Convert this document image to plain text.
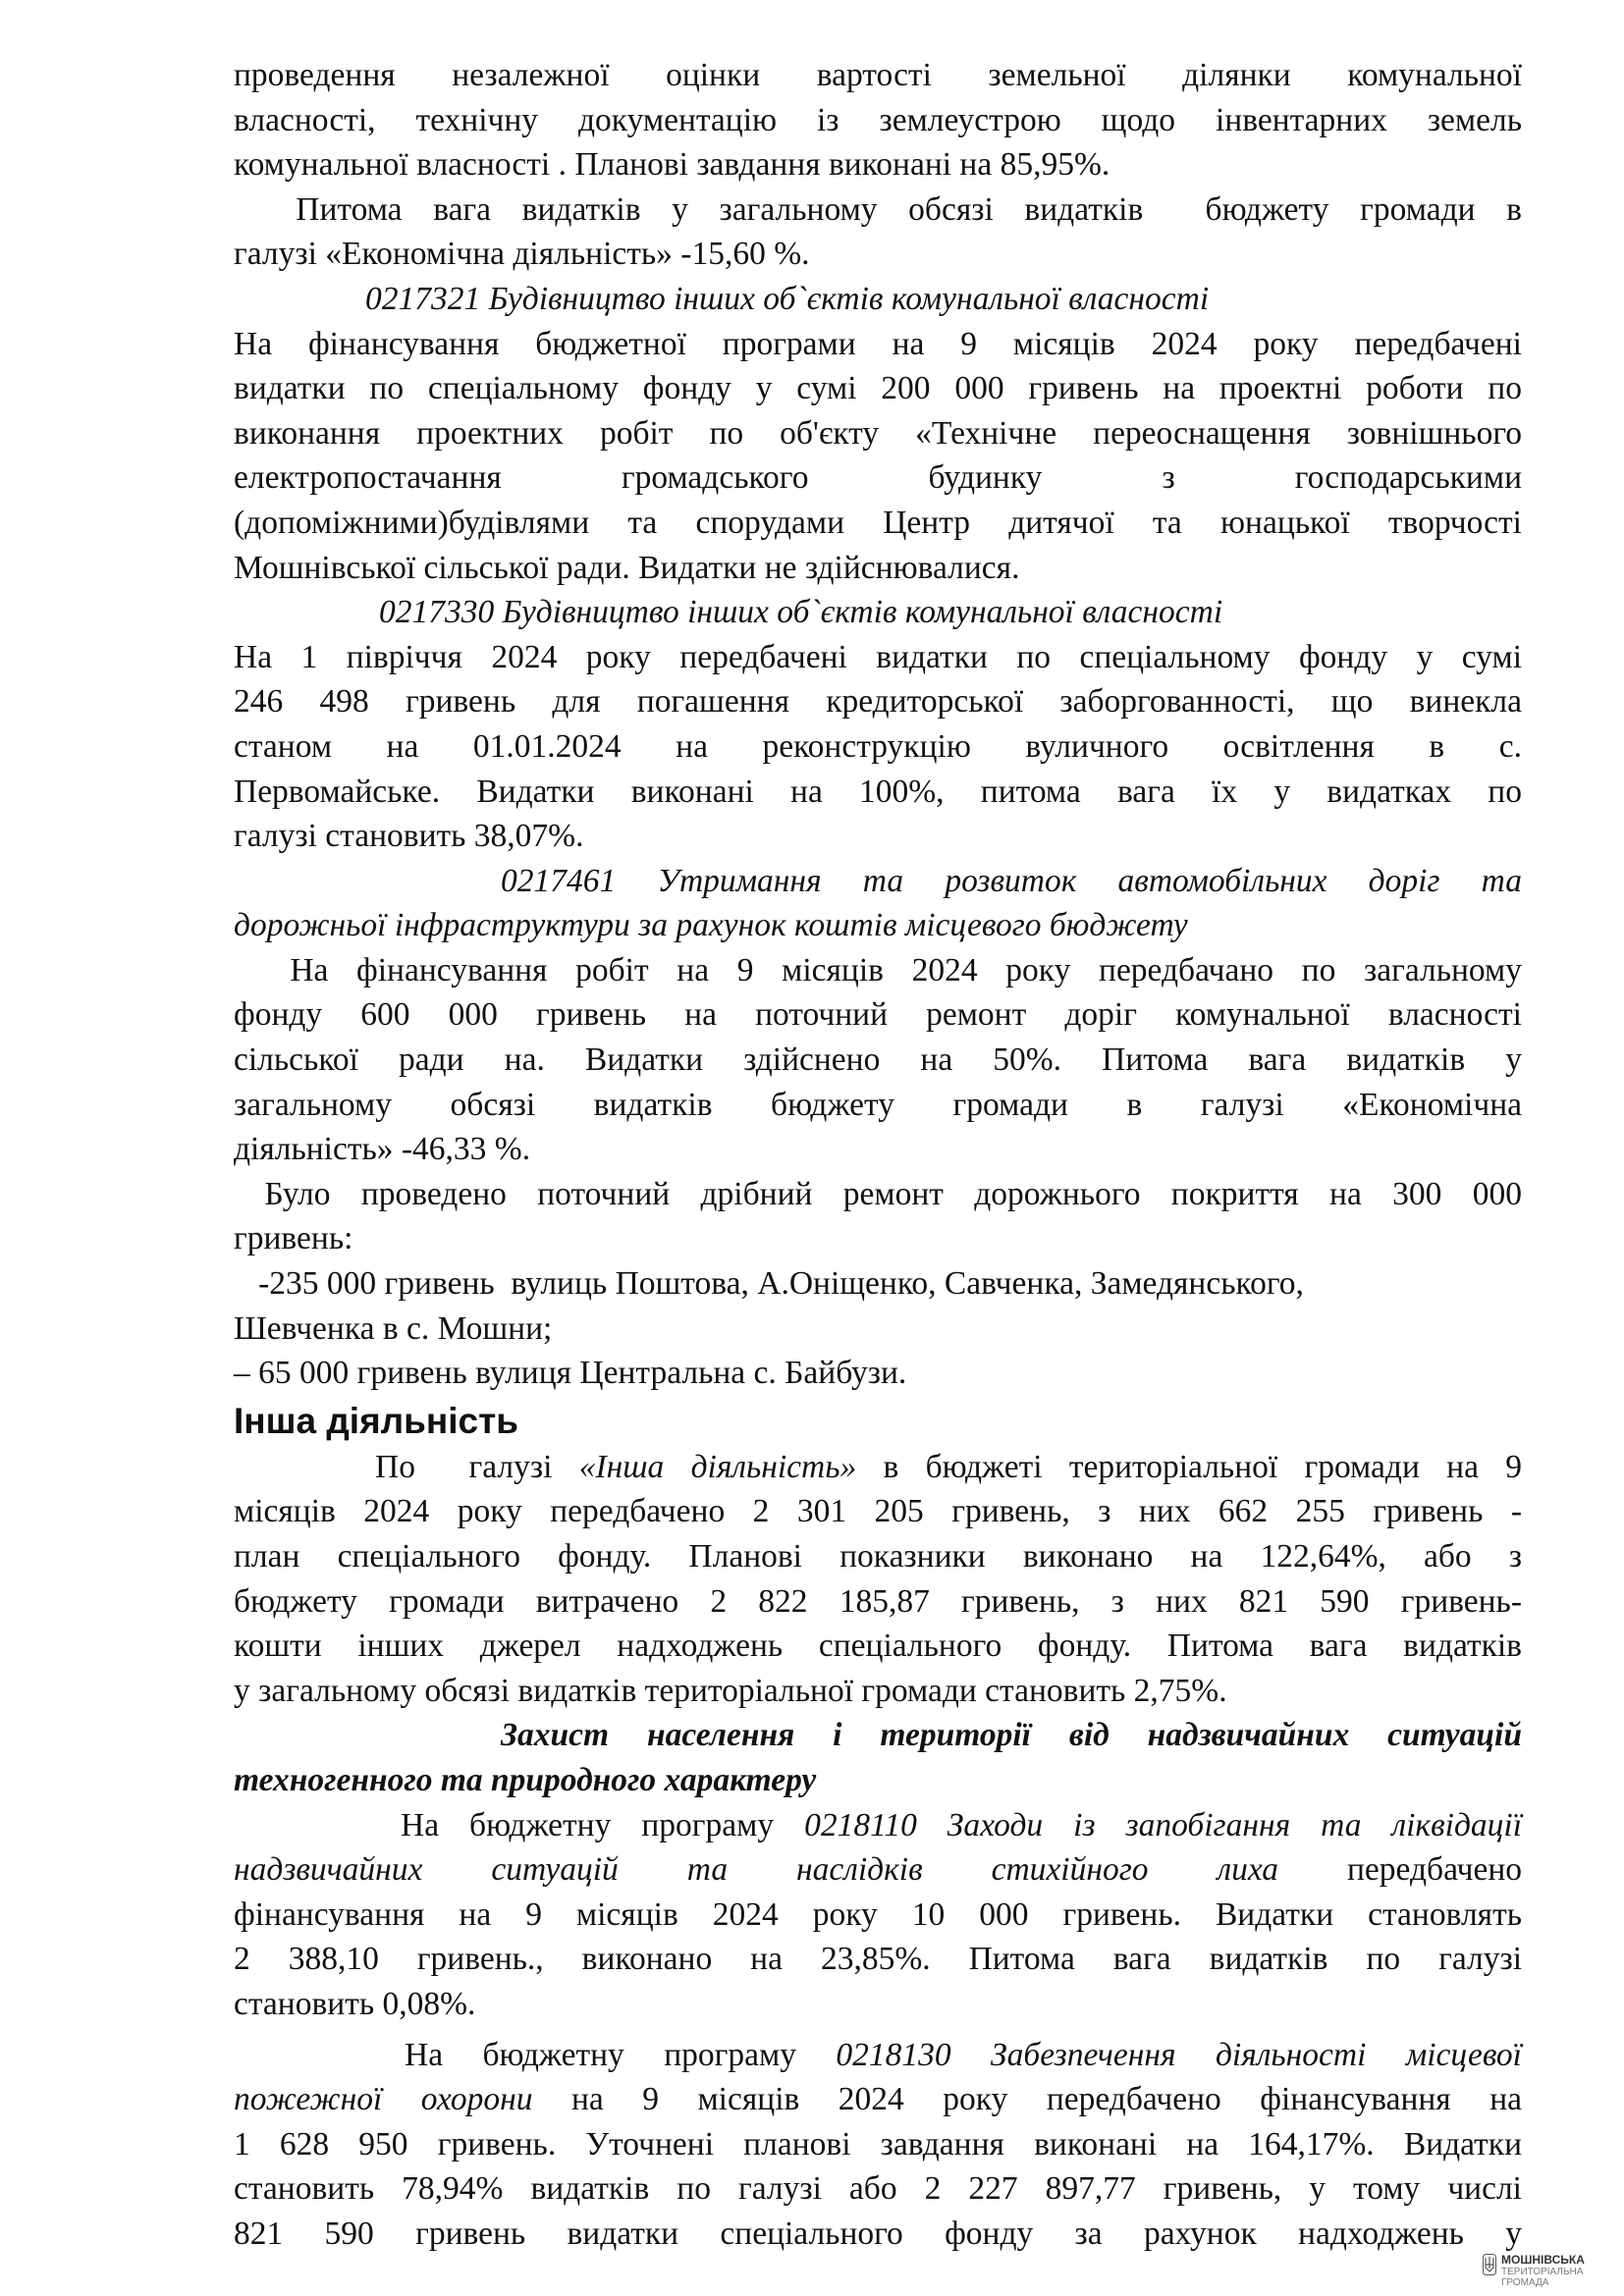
проведення незалежної оцінки вартості земельної ділянки комунальної

власності, технічну документацію із землеустрою щодо інвентарних земель

комунальної власності . Планові завдання виконані на 85,95%.

Питома вага видатків у загальному обсязі видатків  бюджету громади в

галузі «Економічна діяльність» -15,60 %.

0217321 Будівництво інших об`єктів комунальної власності

На фінансування бюджетної програми на 9 місяців 2024 року передбачені

видатки по спеціальному фонду у сумі 200 000 гривень на проектні роботи по

виконання проектних робіт по об'єкту «Технічне переоснащення зовнішнього

електропостачання громадського будинку з господарськими

(допоміжними)будівлями та спорудами Центр дитячої та юнацької творчості

Мошнівської сільської ради. Видатки не здійснювалися.

0217330 Будівництво інших об`єктів комунальної власності

На 1 півріччя 2024 року передбачені видатки по спеціальному фонду у сумі

246 498 гривень для погашення кредиторської заборгованності, що винекла

станом на 01.01.2024 на реконструкцію вуличного освітлення в с.

Первомайське. Видатки виконані на 100%, питома вага їх у видатках по

галузі становить 38,07%.

0217461 Утримання та розвиток автомобільних доріг та

дорожньої інфраструктури за рахунок коштів місцевого бюджету

На фінансування робіт на 9 місяців 2024 року передбачано по загальному

фонду 600 000 гривень на поточний ремонт доріг комунальної власності

сільської ради на. Видатки здійснено на 50%. Питома вага видатків у

загальному обсязі видатків бюджету громади в галузі «Економічна

діяльність» -46,33 %.

Було проведено поточний дрібний ремонт дорожнього покриття на 300 000

гривень:

-235 000 гривень  вулиць Поштова, А.Оніщенко, Савченка, Замедянського,

Шевченка в с. Мошни;

– 65 000 гривень вулиця Центральна с. Байбузи.

Інша діяльність

По  галузі «Інша діяльність» в бюджеті територіальної громади на 9

місяців 2024 року передбачено 2 301 205 гривень, з них 662 255 гривень -

план спеціального фонду. Планові показники виконано на 122,64%, або з

бюджету громади витрачено 2 822 185,87 гривень, з них 821 590 гривень-

кошти інших джерел надходжень спеціального фонду. Питома вага видатків

у загальному обсязі видатків територіальної громади становить 2,75%.

Захист населення і території від надзвичайних ситуацій

техногенного та природного характеру

На бюджетну програму 0218110 Заходи із запобігання та ліквідації

надзвичайних ситуацій та наслідків стихійного лиха передбачено

фінансування на 9 місяців 2024 року 10 000 гривень. Видатки становлять

2 388,10 гривень., виконано на 23,85%. Питома вага видатків по галузі

становить 0,08%.

На бюджетну програму 0218130 Забезпечення діяльності місцевої

пожежної охорони на 9 місяців 2024 року передбачено фінансування на

1 628 950 гривень. Уточнені планові завдання виконані на 164,17%. Видатки

становить 78,94% видатків по галузі або 2 227 897,77 гривень, у тому числі

821 590 гривень видатки спеціального фонду за рахунок надходжень у

МОШНІВСЬКА
ТЕРИТОРІАЛЬНА
ГРОМАДА
